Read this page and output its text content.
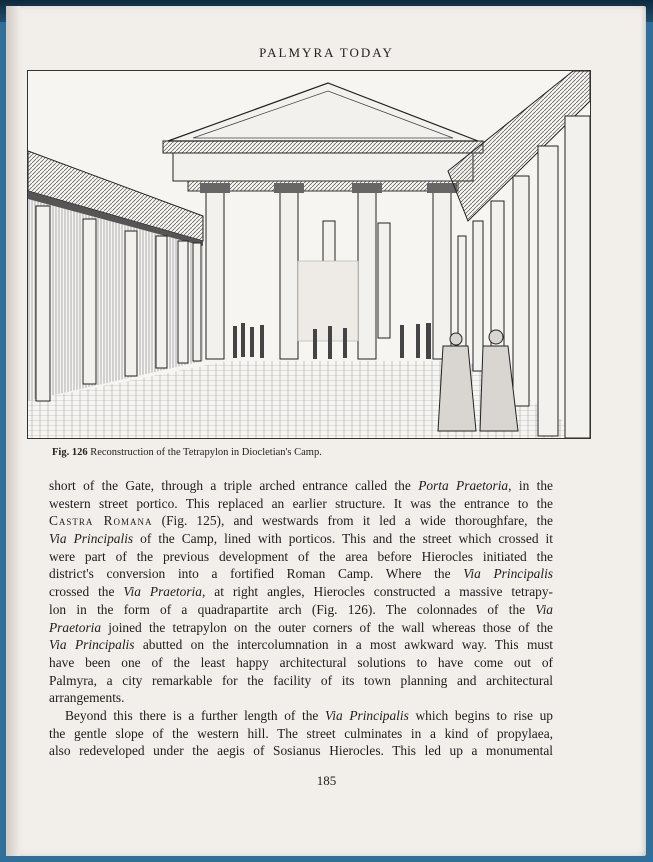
PALMYRA TODAY
Fig. 126 Reconstruction of the Tetrapylon in Diocletian's Camp.
short of the Gate, through a triple arched entrance called the Porta Praetoria, in the
western street portico. This replaced an earlier structure. It was the entrance to the
Castra Romana (Fig. 125), and westwards from it led a wide thoroughfare, the
Via Principalis of the Camp, lined with porticos. This and the street which crossed it
were part of the previous development of the area before Hierocles initiated the
district's conversion into a fortified Roman Camp. Where the Via Principalis
crossed the Via Praetoria, at right angles, Hierocles constructed a massive tetrapy-
lon in the form of a quadrapartite arch (Fig. 126). The colonnades of the Via
Praetoria joined the tetrapylon on the outer corners of the wall whereas those of the
Via Principalis abutted on the intercolumnation in a most awkward way. This must
have been one of the least happy architectural solutions to have come out of
Palmyra, a city remarkable for the facility of its town planning and architectural
arrangements.
Beyond this there is a further length of the Via Principalis which begins to rise up
the gentle slope of the western hill. The street culminates in a kind of propylaea,
also redeveloped under the aegis of Sosianus Hierocles. This led up a monumental
185
